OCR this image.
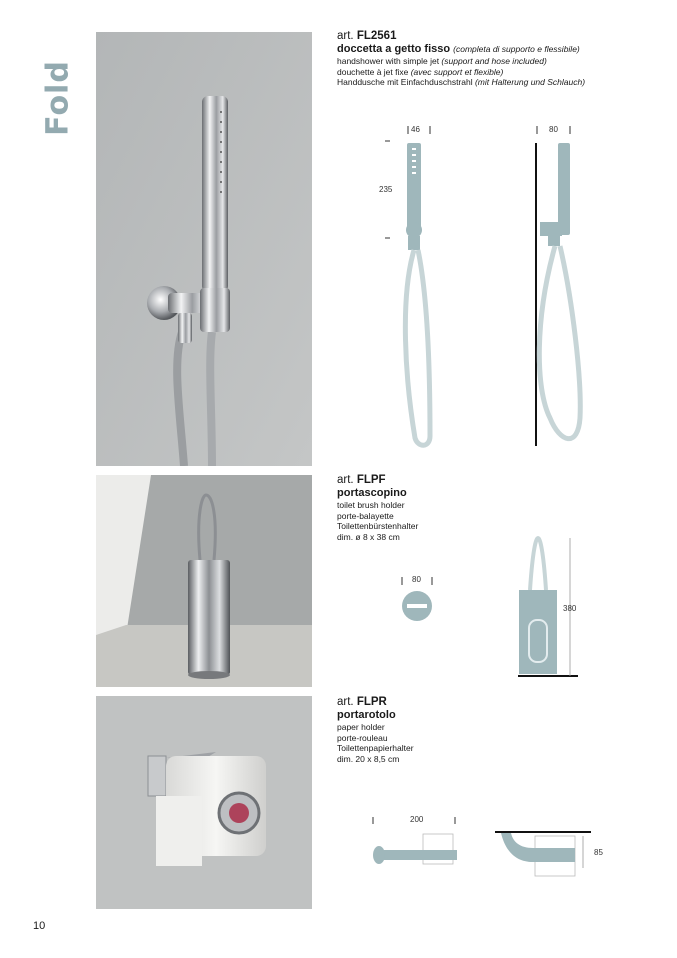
Fold
art. FL2561
doccetta a getto fisso (completa di supporto e flessibile)
handshower with simple jet (support and hose included)
douchette à jet fixe (avec support et flexible)
Handdusche mit Einfachduschstrahl (mit Halterung und Schlauch)
46	80
235
art. FLPF
portascopino
toilet brush holder
porte-balayette
Toilettenbürstenhalter
dim. ø 8 x 38 cm
80
380
art. FLPR
portarotolo
paper holder
porte-rouleau
Toilettenpapierhalter
dim. 20 x 8,5 cm
200
85
10
